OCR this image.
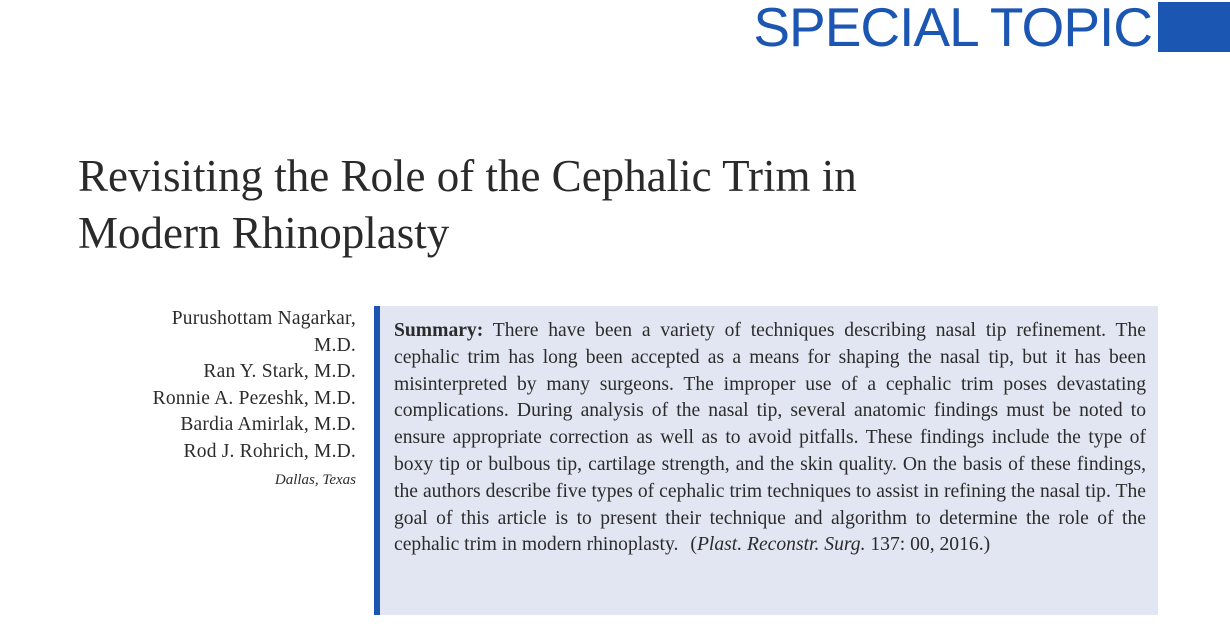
SPECIAL TOPIC
Revisiting the Role of the Cephalic Trim in
Modern Rhinoplasty
Purushottam Nagarkar,
M.D.
Ran Y. Stark, M.D.
Ronnie A. Pezeshk, M.D.
Bardia Amirlak, M.D.
Rod J. Rohrich, M.D.
Dallas, Texas

Summary: There have been a variety of techniques describing nasal tip refinement. The cephalic trim has long been accepted as a means for shaping the nasal tip, but it has been misinterpreted by many surgeons. The improper use of a cephalic trim poses devastating complications. During analysis of the nasal tip, several anatomic findings must be noted to ensure appropriate correction as well as to avoid pitfalls. These findings include the type of boxy tip or bulbous tip, cartilage strength, and the skin quality. On the basis of these findings, the authors describe five types of cephalic trim techniques to assist in refining the nasal tip. The goal of this article is to present their technique and algorithm to determine the role of the cephalic trim in modern rhinoplasty. (Plast. Reconstr. Surg. 137: 00, 2016.)
